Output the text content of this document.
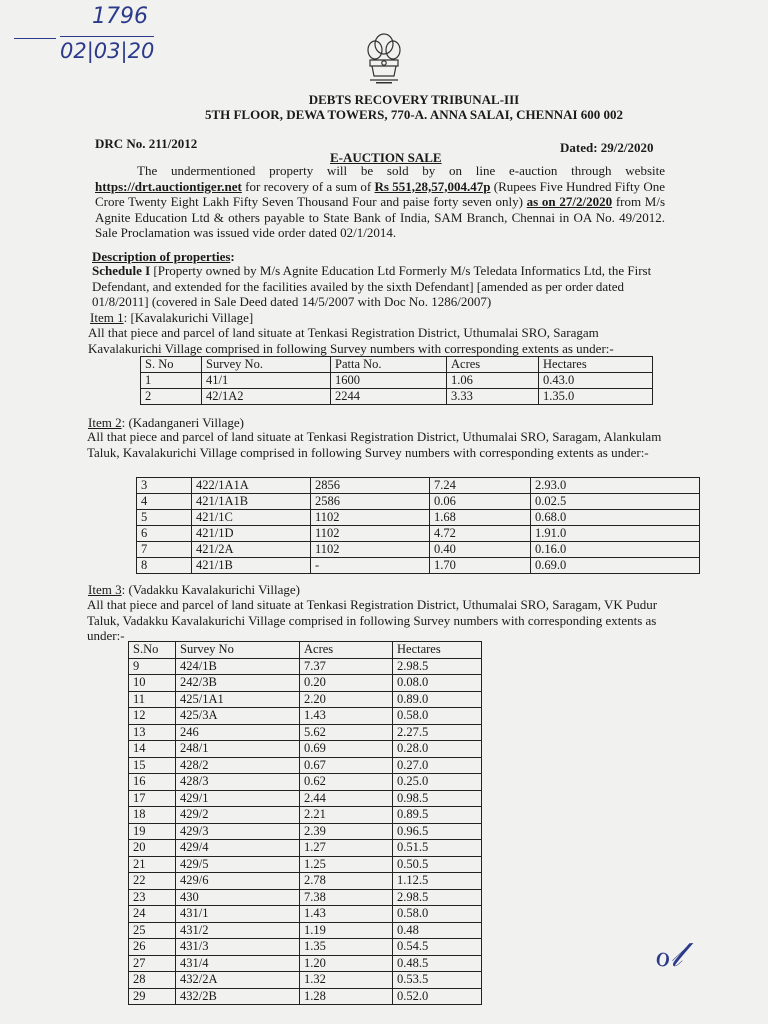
1796
02|03|20
DEBTS RECOVERY TRIBUNAL-III
5TH FLOOR, DEWA TOWERS, 770-A. ANNA SALAI, CHENNAI 600 002
DRC No. 211/2012	Dated: 29/2/2020
E-AUCTION SALE
The undermentioned property will be sold by on line e-auction through website https://drt.auctiontiger.net for recovery of a sum of Rs 551,28,57,004.47p (Rupees Five Hundred Fifty One Crore Twenty Eight Lakh Fifty Seven Thousand Four and paise forty seven only) as on 27/2/2020 from M/s Agnite Education Ltd & others payable to State Bank of India, SAM Branch, Chennai in OA No. 49/2012. Sale Proclamation was issued vide order dated 02/1/2014.
Description of properties:
Schedule I [Property owned by M/s Agnite Education Ltd Formerly M/s Teledata Informatics Ltd, the First Defendant, and extended for the facilities availed by the sixth Defendant] [amended as per order dated 01/8/2011] (covered in Sale Deed dated 14/5/2007 with Doc No. 1286/2007)
Item 1: [Kavalakurichi Village]
All that piece and parcel of land situate at Tenkasi Registration District, Uthumalai SRO, Saragam Kavalakurichi Village comprised in following Survey numbers with corresponding extents as under:-
S. No	Survey No.	Patta No.	Acres	Hectares
1	41/1	1600	1.06	0.43.0
2	42/1A2	2244	3.33	1.35.0
Item 2: (Kadanganeri Village)
All that piece and parcel of land situate at Tenkasi Registration District, Uthumalai SRO, Saragam, Alankulam Taluk, Kavalakurichi Village comprised in following Survey numbers with corresponding extents as under:-
3	422/1A1A	2856	7.24	2.93.0
4	421/1A1B	2586	0.06	0.02.5
5	421/1C	1102	1.68	0.68.0
6	421/1D	1102	4.72	1.91.0
7	421/2A	1102	0.40	0.16.0
8	421/1B	-	1.70	0.69.0
Item 3: (Vadakku Kavalakurichi Village)
All that piece and parcel of land situate at Tenkasi Registration District, Uthumalai SRO, Saragam, VK Pudur Taluk, Vadakku Kavalakurichi Village comprised in following Survey numbers with corresponding extents as under:-
S.No	Survey No	Acres	Hectares
9	424/1B	7.37	2.98.5
10	242/3B	0.20	0.08.0
11	425/1A1	2.20	0.89.0
12	425/3A	1.43	0.58.0
13	246	5.62	2.27.5
14	248/1	0.69	0.28.0
15	428/2	0.67	0.27.0
16	428/3	0.62	0.25.0
17	429/1	2.44	0.98.5
18	429/2	2.21	0.89.5
19	429/3	2.39	0.96.5
20	429/4	1.27	0.51.5
21	429/5	1.25	0.50.5
22	429/6	2.78	1.12.5
23	430	7.38	2.98.5
24	431/1	1.43	0.58.0
25	431/2	1.19	0.48
26	431/3	1.35	0.54.5
27	431/4	1.20	0.48.5
28	432/2A	1.32	0.53.5
29	432/2B	1.28	0.52.0
ℴ𝓁
